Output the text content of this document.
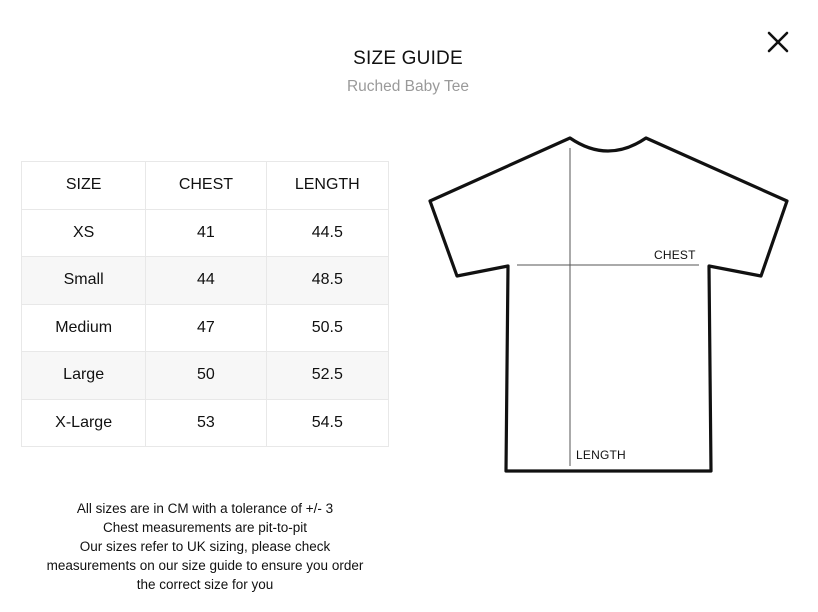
SIZE GUIDE
Ruched Baby Tee
SIZE	CHEST	LENGTH
XS	41	44.5
Small	44	48.5
Medium	47	50.5
Large	50	52.5
X-Large	53	54.5
All sizes are in CM with a tolerance of +/- 3
Chest measurements are pit-to-pit
Our sizes refer to UK sizing, please check
measurements on our size guide to ensure you order
the correct size for you
CHEST
LENGTH
